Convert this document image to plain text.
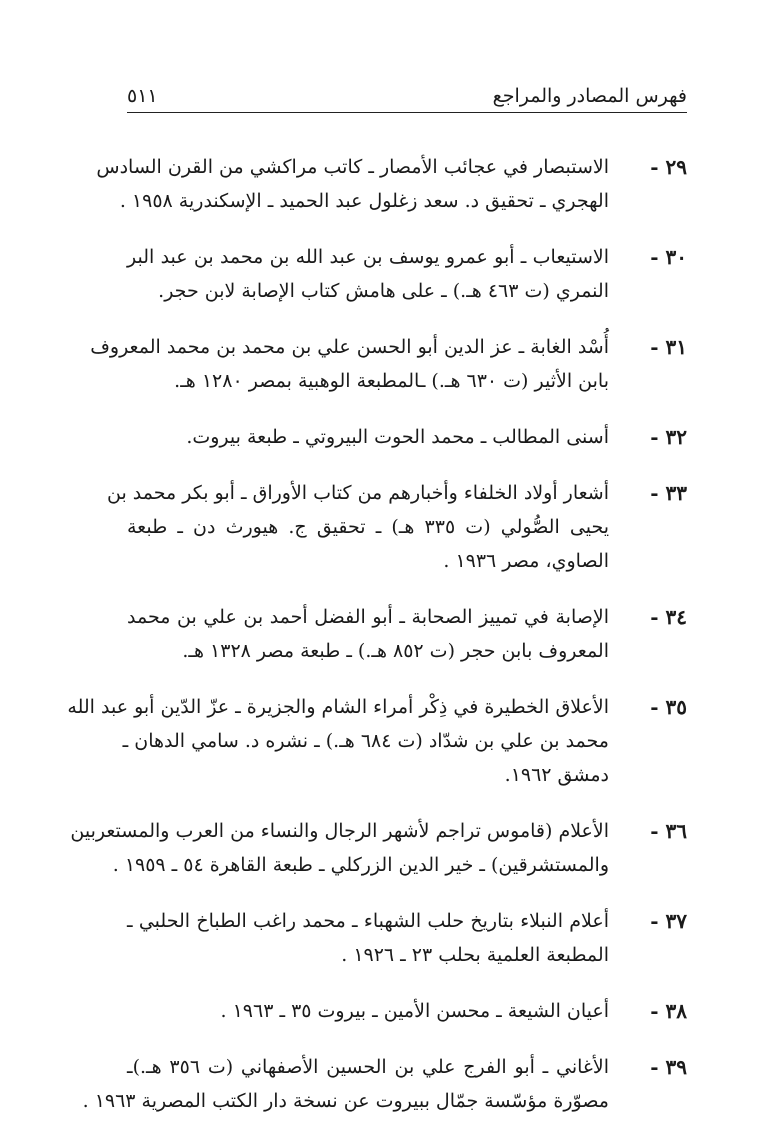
فهرس المصادر والمراجع
٥١١
٢٩ -
الاستبصار في عجائب الأمصار ـ كاتب مراكشي من القرن السادس
الهجري ـ تحقيق د. سعد زغلول عبد الحميد ـ الإسكندرية ١٩٥٨ .
٣٠ -
الاستيعاب ـ أبو عمرو يوسف بن عبد الله بن محمد بن عبد البر
النمري (ت ٤٦٣ هـ.) ـ على هامش كتاب الإصابة لابن حجر.
٣١ -
أُسْد الغابة ـ عز الدين أبو الحسن علي بن محمد بن محمد المعروف
بابن الأثير (ت ٦٣٠ هـ.) ـالمطبعة الوهبية بمصر ١٢٨٠ هـ.
٣٢ -
أسنى المطالب ـ محمد الحوت البيروتي ـ طبعة بيروت.
٣٣ -
أشعار أولاد الخلفاء وأخبارهم من كتاب الأوراق ـ أبو بكر محمد بن
يحيى الصُّولي (ت ٣٣٥ هـ) ـ تحقيق ج. هيورث دن ـ طبعة
الصاوي، مصر ١٩٣٦ .
٣٤ -
الإصابة في تمييز الصحابة ـ أبو الفضل أحمد بن علي بن محمد
المعروف بابن حجر (ت ٨٥٢ هـ.) ـ طبعة مصر ١٣٢٨ هـ.
٣٥ -
الأعلاق الخطيرة في ذِكْر أمراء الشام والجزيرة ـ عزّ الدّين أبو عبد الله
محمد بن علي بن شدّاد (ت ٦٨٤ هـ.) ـ نشره د. سامي الدهان ـ
دمشق ١٩٦٢.
٣٦ -
الأعلام (قاموس تراجم لأشهر الرجال والنساء من العرب والمستعربين
والمستشرقين) ـ خير الدين الزركلي ـ طبعة القاهرة ٥٤ ـ ١٩٥٩ .
٣٧ -
أعلام النبلاء بتاريخ حلب الشهباء ـ محمد راغب الطباخ الحلبي ـ
المطبعة العلمية بحلب ٢٣ ـ ١٩٢٦ .
٣٨ -
أعيان الشيعة ـ محسن الأمين ـ بيروت ٣٥ ـ ١٩٦٣ .
٣٩ -
الأغاني ـ أبو الفرج علي بن الحسين الأصفهاني (ت ٣٥٦ هـ.)ـ
مصوّرة مؤسّسة جمّال ببيروت عن نسخة دار الكتب المصرية ١٩٦٣ .
